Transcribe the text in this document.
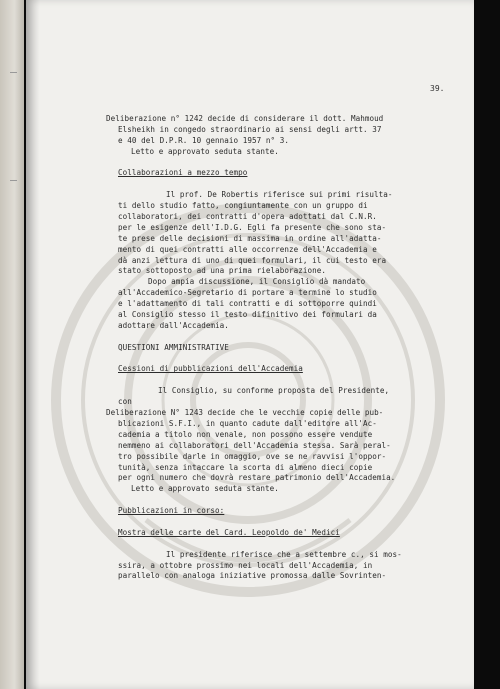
39.
Deliberazione n° 1242 decide di considerare il dott. Mahmoud
Elsheikh in congedo straordinario ai sensi degli artt. 37
e 40 del D.P.R. 10 gennaio 1957 n° 3.
Letto e approvato seduta stante.
Collaborazioni a mezzo tempo
Il prof. De Robertis riferisce sui primi risulta-
ti dello studio fatto, congiuntamente con un gruppo di
collaboratori, dei contratti d'opera adottati dal C.N.R.
per le esigenze dell'I.D.G. Egli fa presente che sono sta-
te prese delle decisioni di massima in ordine all'adatta-
mento di quei contratti alle occorrenze dell'Accademia e
dà anzi lettura di uno di quei formulari, il cui testo era
stato sottoposto ad una prima rielaborazione.
Dopo ampia discussione, il Consiglio dà mandato
all'Accademico-Segretario di portare a termine lo studio
e l'adattamento di tali contratti e di sottoporre quindi
al Consiglio stesso il testo difinitivo dei formulari da
adottare dall'Accademia.
QUESTIONI AMMINISTRATIVE
Cessioni di pubblicazioni dell'Accademia
Il Consiglio, su conforme proposta del Presidente,
con
Deliberazione N° 1243 decide che le vecchie copie delle pub-
blicazioni S.F.I., in quanto cadute dall'editore all'Ac-
cademia a titolo non venale, non possono essere vendute
nemmeno ai collaboratori dell'Accademia stessa. Sarà peral-
tro possibile darle in omaggio, ove se ne ravvisi l'oppor-
tunità, senza intaccare la scorta di almeno dieci copie
per ogni numero che dovrà restare patrimonio dell'Accademia.
Letto e approvato seduta stante.
Pubblicazioni in corso:
Mostra delle carte del Card. Leopoldo de' Medici
Il presidente riferisce che a settembre c., si mos-
ssira, a ottobre prossimo nei locali dell'Accademia, in
parallelo con analoga iniziative promossa dalle Sovrinten-
